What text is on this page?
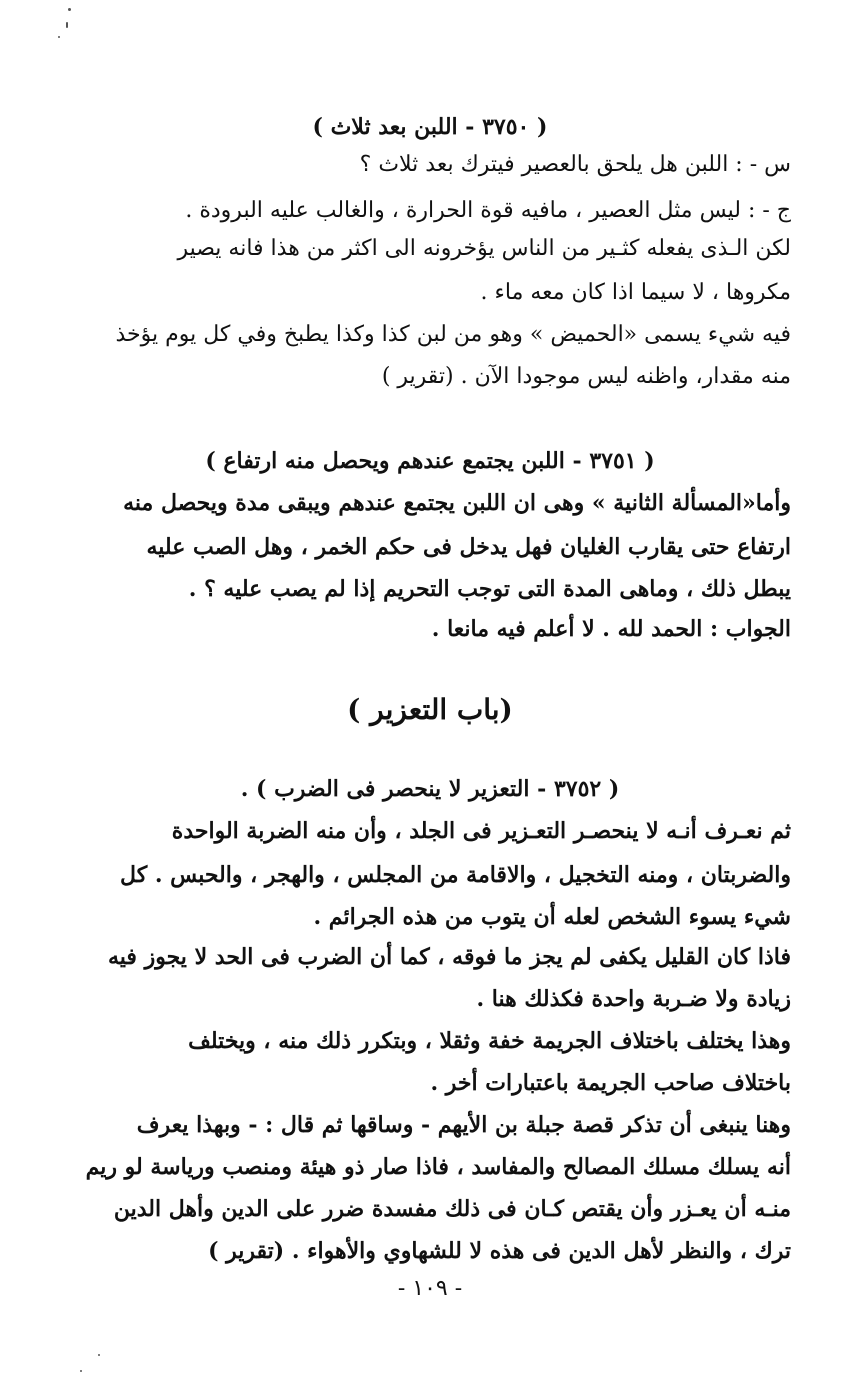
( ٣٧٥٠ - اللبن بعد ثلاث )
س - : اللبن هل يلحق بالعصير فيترك بعد ثلاث ؟
ج - : ليس مثل العصير ، مافيه قوة الحرارة ، والغالب عليه البرودة .
لكن الـذى يفعله كثـير من الناس يؤخرونه الى اكثر من هذا فانه يصير
مكروها ، لا سيما اذا كان معه ماء .
فيه شيء يسمى «الحميض » وهو من لبن كذا وكذا يطبخ وفي كل يوم يؤخذ
منه مقدار، واظنه ليس موجودا الآن . (تقرير )
( ٣٧٥١ - اللبن يجتمع عندهم ويحصل منه ارتفاع )
وأما«المسألة الثانية » وهى ان اللبن يجتمع عندهم ويبقى مدة ويحصل منه
ارتفاع حتى يقارب الغليان فهل يدخل فى حكم الخمر ، وهل الصب عليه
يبطل ذلك ، وماهى المدة التى توجب التحريم إذا لم يصب عليه ؟ .
الجواب : الحمد لله . لا أعلم فيه مانعا .
(باب التعزير )
( ٣٧٥٢ - التعزير لا ينحصر فى الضرب ) .
ثم نعـرف أنـه لا ينحصـر التعـزير فى الجلد ، وأن منه الضربة الواحدة
والضربتان ، ومنه التخجيل ، والاقامة من المجلس ، والهجر ، والحبس . كل
شيء يسوء الشخص لعله أن يتوب من هذه الجرائم .
فاذا كان القليل يكفى لم يجز ما فوقه ، كما أن الضرب فى الحد لا يجوز فيه
زيادة ولا ضـربة واحدة فكذلك هنا .
وهذا يختلف باختلاف الجريمة خفة وثقلا ، وبتكرر ذلك منه ، ويختلف
باختلاف صاحب الجريمة باعتبارات أخر .
وهنا ينبغى أن تذكر قصة جبلة بن الأيهم - وساقها ثم قال : - وبهذا يعرف
أنه يسلك مسلك المصالح والمفاسد ، فاذا صار ذو هيئة ومنصب ورياسة لو ريم
منـه أن يعـزر وأن يقتص كـان فى ذلك مفسدة ضرر على الدين وأهل الدين
ترك ، والنظر لأهل الدين فى هذه لا للشهاوي والأهواء . (تقرير )
- ١٠٩ -
